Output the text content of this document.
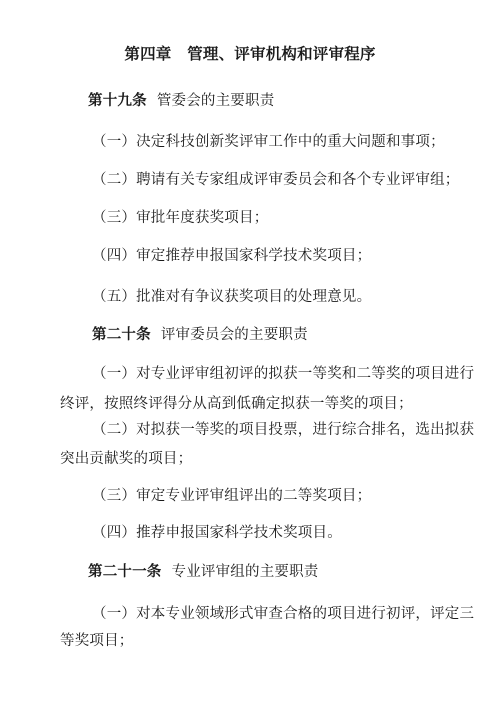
第四章　管理、评审机构和评审程序
第十九条 管委会的主要职责
（一）决定科技创新奖评审工作中的重大问题和事项；
（二）聘请有关专家组成评审委员会和各个专业评审组；
（三）审批年度获奖项目；
（四）审定推荐申报国家科学技术奖项目；
（五）批准对有争议获奖项目的处理意见。
第二十条 评审委员会的主要职责
（一）对专业评审组初评的拟获一等奖和二等奖的项目进行
终评，按照终评得分从高到低确定拟获一等奖的项目；
（二）对拟获一等奖的项目投票，进行综合排名，选出拟获
突出贡献奖的项目；
（三）审定专业评审组评出的二等奖项目；
（四）推荐申报国家科学技术奖项目。
第二十一条 专业评审组的主要职责
（一）对本专业领域形式审查合格的项目进行初评，评定三
等奖项目；
